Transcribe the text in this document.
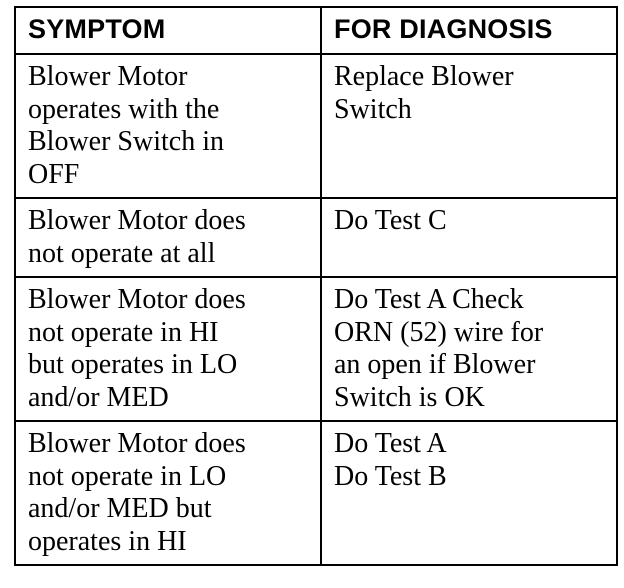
SYMPTOM	FOR DIAGNOSIS

Blower Motor
operates with the
Blower Switch in
OFF	Replace Blower
Switch

Blower Motor does
not operate at all	Do Test C

Blower Motor does
not operate in HI
but operates in LO
and/or MED	Do Test A Check
ORN (52) wire for
an open if Blower
Switch is OK

Blower Motor does
not operate in LO
and/or MED but
operates in HI	Do Test A
Do Test B
